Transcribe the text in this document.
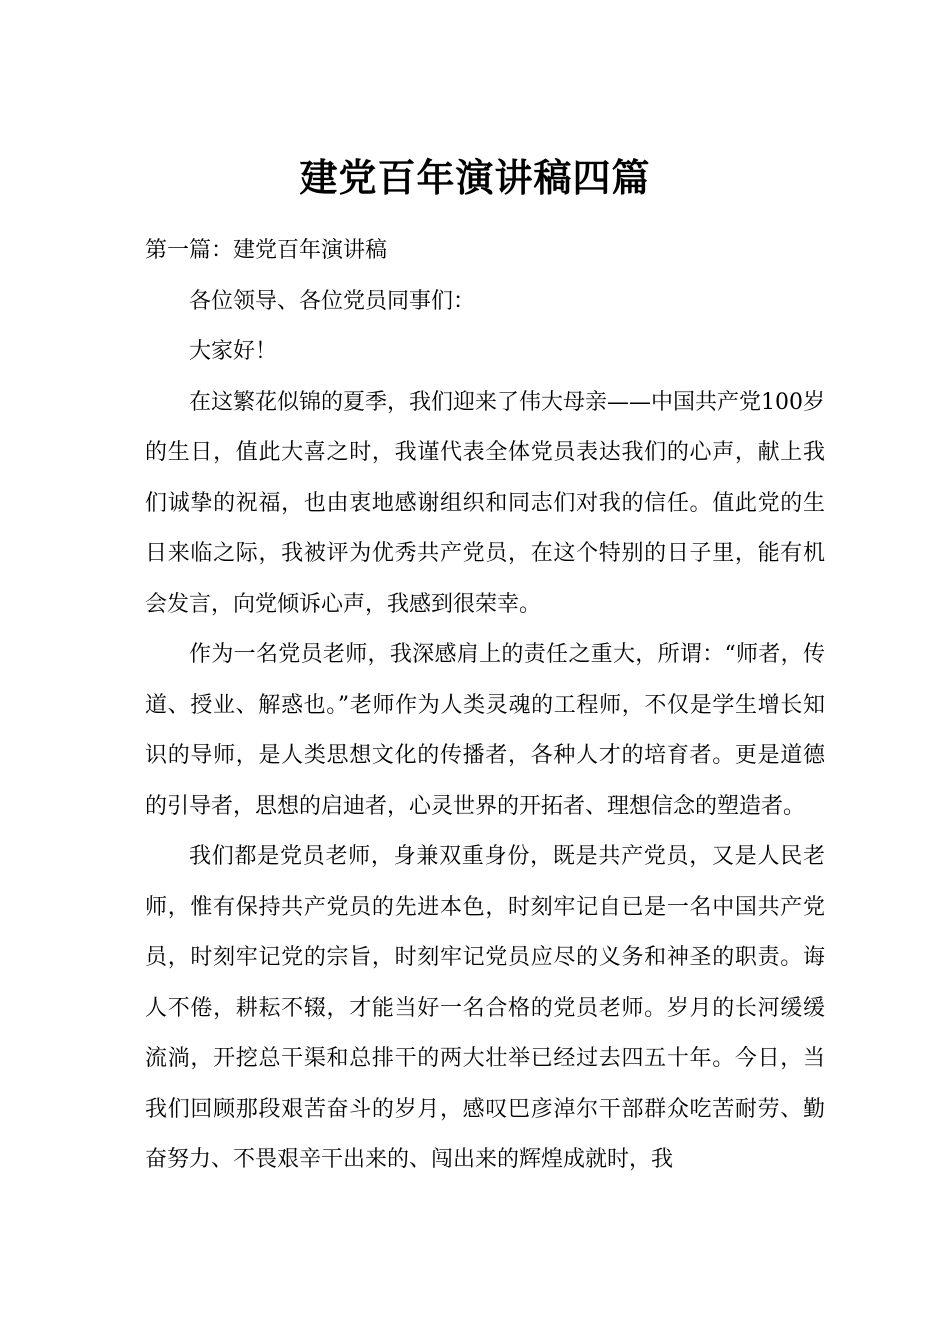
建党百年演讲稿四篇

第一篇：建党百年演讲稿

各位领导、各位党员同事们：

大家好！

在这繁花似锦的夏季，我们迎来了伟大母亲——中国共产党100岁的生日，值此大喜之时，我谨代表全体党员表达我们的心声，献上我们诚挚的祝福，也由衷地感谢组织和同志们对我的信任。值此党的生日来临之际，我被评为优秀共产党员，在这个特别的日子里，能有机会发言，向党倾诉心声，我感到很荣幸。

作为一名党员老师，我深感肩上的责任之重大，所谓：“师者，传道、授业、解惑也。”老师作为人类灵魂的工程师，不仅是学生增长知识的导师，是人类思想文化的传播者，各种人才的培育者。更是道德的引导者，思想的启迪者，心灵世界的开拓者、理想信念的塑造者。

我们都是党员老师，身兼双重身份，既是共产党员，又是人民老师，惟有保持共产党员的先进本色，时刻牢记自已是一名中国共产党员，时刻牢记党的宗旨，时刻牢记党员应尽的义务和神圣的职责。诲人不倦，耕耘不辍，才能当好一名合格的党员老师。岁月的长河缓缓流淌，开挖总干渠和总排干的两大壮举已经过去四五十年。今日，当我们回顾那段艰苦奋斗的岁月，感叹巴彦淖尔干部群众吃苦耐劳、勤奋努力、不畏艰辛干出来的、闯出来的辉煌成就时，我
